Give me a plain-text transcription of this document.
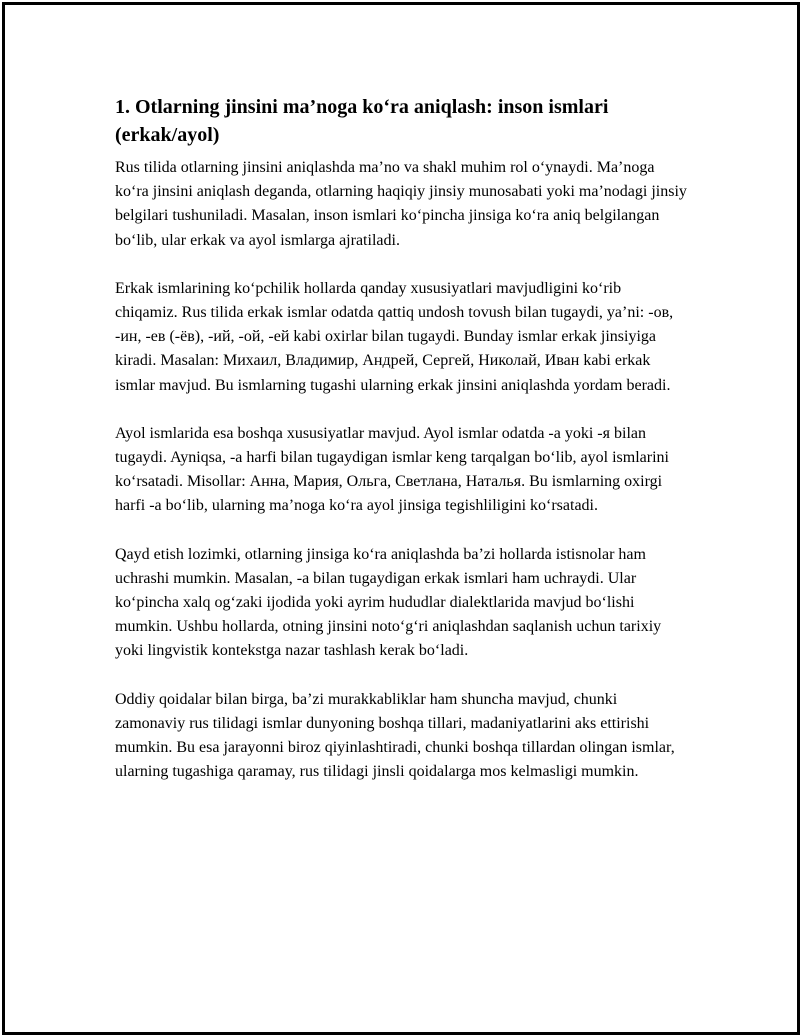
1. Otlarning jinsini ma’noga ko‘ra aniqlash: inson ismlari (erkak/ayol)

Rus tilida otlarning jinsini aniqlashda ma’no va shakl muhim rol o‘ynaydi. Ma’noga ko‘ra jinsini aniqlash deganda, otlarning haqiqiy jinsiy munosabati yoki ma’nodagi jinsiy belgilari tushuniladi. Masalan, inson ismlari ko‘pincha jinsiga ko‘ra aniq belgilangan bo‘lib, ular erkak va ayol ismlarga ajratiladi.

Erkak ismlarining ko‘pchilik hollarda qanday xususiyatlari mavjudligini ko‘rib chiqamiz. Rus tilida erkak ismlar odatda qattiq undosh tovush bilan tugaydi, ya’ni: -ов, -ин, -ев (-ёв), -ий, -ой, -ей kabi oxirlar bilan tugaydi. Bunday ismlar erkak jinsiyiga kiradi. Masalan: Михаил, Владимир, Андрей, Сергей, Николай, Иван kabi erkak ismlar mavjud. Bu ismlarning tugashi ularning erkak jinsini aniqlashda yordam beradi.

Ayol ismlarida esa boshqa xususiyatlar mavjud. Ayol ismlar odatda -а yoki -я bilan tugaydi. Ayniqsa, -а harfi bilan tugaydigan ismlar keng tarqalgan bo‘lib, ayol ismlarini ko‘rsatadi. Misollar: Анна, Мария, Ольга, Светлана, Наталья. Bu ismlarning oxirgi harfi -а bo‘lib, ularning ma’noga ko‘ra ayol jinsiga tegishliligini ko‘rsatadi.

Qayd etish lozimki, otlarning jinsiga ko‘ra aniqlashda ba’zi hollarda istisnolar ham uchrashi mumkin. Masalan, -а bilan tugaydigan erkak ismlari ham uchraydi. Ular ko‘pincha xalq og‘zaki ijodida yoki ayrim hududlar dialektlarida mavjud bo‘lishi mumkin. Ushbu hollarda, otning jinsini noto‘g‘ri aniqlashdan saqlanish uchun tarixiy yoki lingvistik kontekstga nazar tashlash kerak bo‘ladi.

Oddiy qoidalar bilan birga, ba’zi murakkabliklar ham shuncha mavjud, chunki zamonaviy rus tilidagi ismlar dunyoning boshqa tillari, madaniyatlarini aks ettirishi mumkin. Bu esa jarayonni biroz qiyinlashtiradi, chunki boshqa tillardan olingan ismlar, ularning tugashiga qaramay, rus tilidagi jinsli qoidalarga mos kelmasligi mumkin.
